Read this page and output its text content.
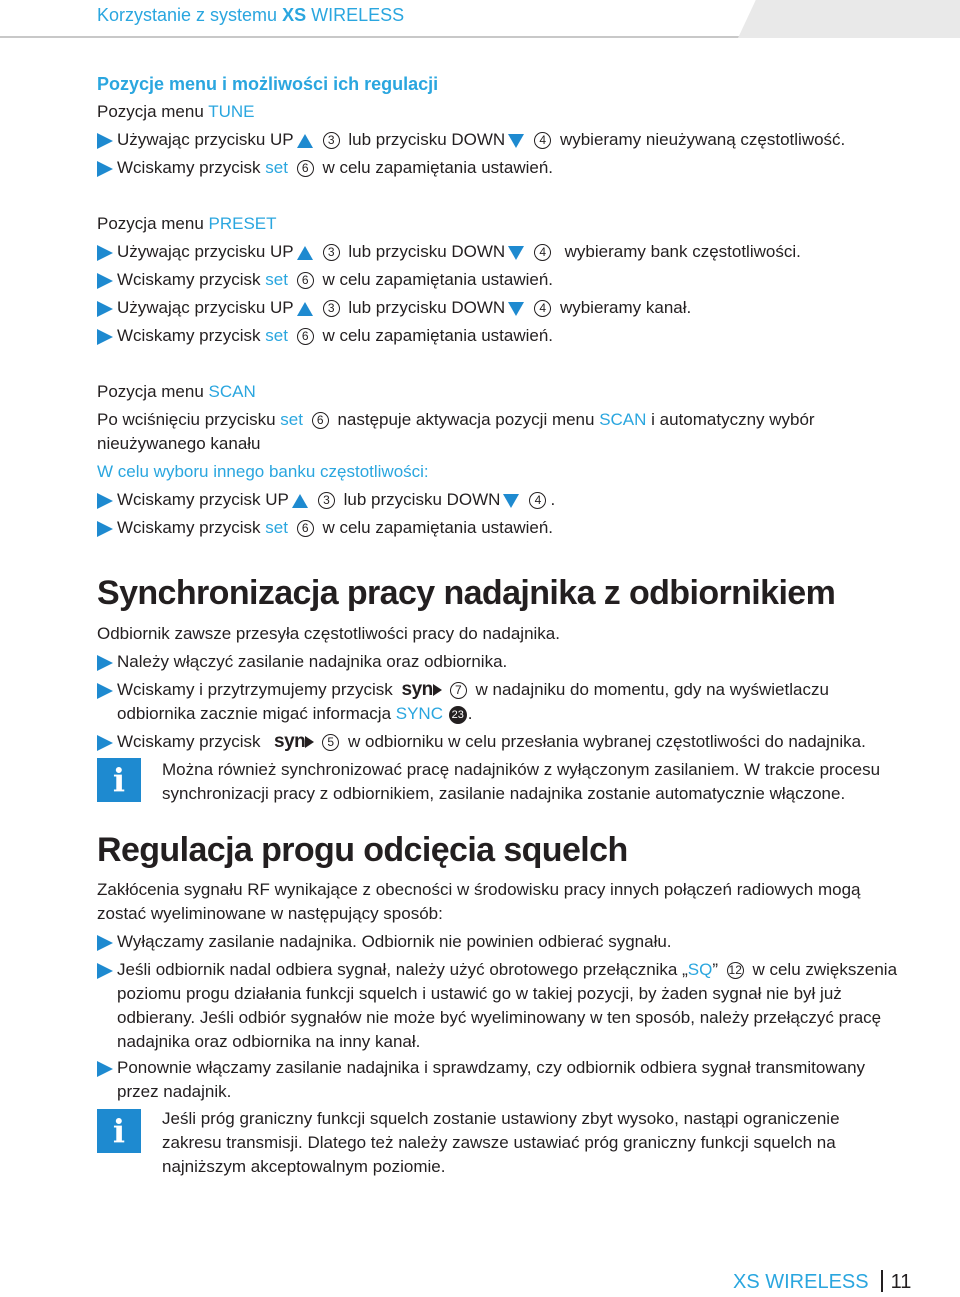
Korzystanie z systemu XS WIRELESS
Pozycje menu i możliwości ich regulacji
Pozycja menu TUNE
Używając przycisku UP	3 lub przycisku DOWN	4 wybieramy nieużywaną częstotliwość.
Wciskamy przycisk set 6 w celu zapamiętania ustawień.
Pozycja menu PRESET
Używając przycisku UP	3 lub przycisku DOWN	4 wybieramy bank częstotliwości.
Wciskamy przycisk set 6 w celu zapamiętania ustawień.
Używając przycisku UP	3 lub przycisku DOWN	4 wybieramy kanał.
Wciskamy przycisk set 6 w celu zapamiętania ustawień.
Pozycja menu SCAN
Po wciśnięciu przycisku set 6 następuje aktywacja pozycji menu SCAN i automatyczny wybór
nieużywanego kanału
W celu wyboru innego banku częstotliwości:
Wciskamy przycisk UP	3 lub przycisku DOWN	4 .
Wciskamy przycisk set 6 w celu zapamiętania ustawień.
Synchronizacja pracy nadajnika z odbiornikiem
Odbiornik zawsze przesyła częstotliwości pracy do nadajnika.
Należy włączyć zasilanie nadajnika oraz odbiornika.
Wciskamy i przytrzymujemy przycisk syn 7 w nadajniku do momentu, gdy na wyświetlaczu
odbiornika zacznie migać informacja SYNC 23 .
Wciskamy przycisk syn 5 w odbiorniku w celu przesłania wybranej częstotliwości do nadajnika.
i	Można również synchronizować pracę nadajników z wyłączonym zasilaniem. W trakcie procesu
synchronizacji pracy z odbiornikiem, zasilanie nadajnika zostanie automatycznie włączone.
Regulacja progu odcięcia squelch
Zakłócenia sygnału RF wynikające z obecności w środowisku pracy innych połączeń radiowych mogą
zostać wyeliminowane w następujący sposób:
Wyłączamy zasilanie nadajnika. Odbiornik nie powinien odbierać sygnału.
Jeśli odbiornik nadal odbiera sygnał, należy użyć obrotowego przełącznika „SQ” 12 w celu zwiększenia
poziomu progu działania funkcji squelch i ustawić go w takiej pozycji, by żaden sygnał nie był już
odbierany. Jeśli odbiór sygnałów nie może być wyeliminowany w ten sposób, należy przełączyć pracę
nadajnika oraz odbiornika na inny kanał.
Ponownie włączamy zasilanie nadajnika i sprawdzamy, czy odbiornik odbiera sygnał transmitowany
przez nadajnik.
i	Jeśli próg graniczny funkcji squelch zostanie ustawiony zbyt wysoko, nastąpi ograniczenie
zakresu transmisji. Dlatego też należy zawsze ustawiać próg graniczny funkcji squelch na
najniższym akceptowalnym poziomie.
XS WIRELESS 11
